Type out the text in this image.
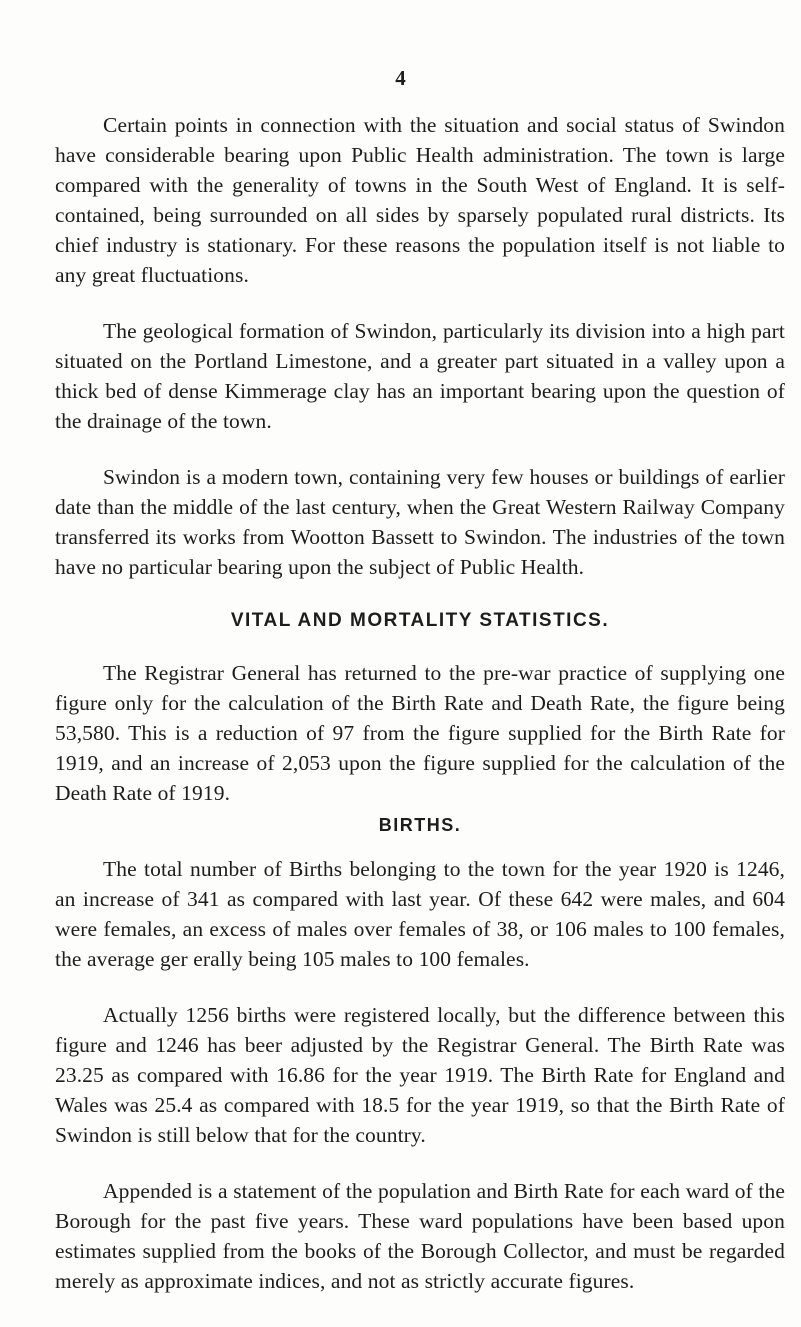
4

Certain points in connection with the situation and social status of Swindon have considerable bearing upon Public Health administration. The town is large compared with the generality of towns in the South West of England. It is self-contained, being surrounded on all sides by sparsely populated rural districts. Its chief industry is stationary. For these reasons the population itself is not liable to any great fluctuations.

The geological formation of Swindon, particularly its division into a high part situated on the Portland Limestone, and a greater part situated in a valley upon a thick bed of dense Kimmerage clay has an important bearing upon the question of the drainage of the town.

Swindon is a modern town, containing very few houses or buildings of earlier date than the middle of the last century, when the Great Western Railway Company transferred its works from Wootton Bassett to Swindon. The industries of the town have no particular bearing upon the subject of Public Health.

VITAL AND MORTALITY STATISTICS.

The Registrar General has returned to the pre-war practice of supplying one figure only for the calculation of the Birth Rate and Death Rate, the figure being 53,580. This is a reduction of 97 from the figure supplied for the Birth Rate for 1919, and an increase of 2,053 upon the figure supplied for the calculation of the Death Rate of 1919.

BIRTHS.

The total number of Births belonging to the town for the year 1920 is 1246, an increase of 341 as compared with last year. Of these 642 were males, and 604 were females, an excess of males over females of 38, or 106 males to 100 females, the average ger erally being 105 males to 100 females.

Actually 1256 births were registered locally, but the difference between this figure and 1246 has beer adjusted by the Registrar General. The Birth Rate was 23.25 as compared with 16.86 for the year 1919. The Birth Rate for England and Wales was 25.4 as compared with 18.5 for the year 1919, so that the Birth Rate of Swindon is still below that for the country.

Appended is a statement of the population and Birth Rate for each ward of the Borough for the past five years. These ward populations have been based upon estimates supplied from the books of the Borough Collector, and must be regarded merely as approximate indices, and not as strictly accurate figures.
